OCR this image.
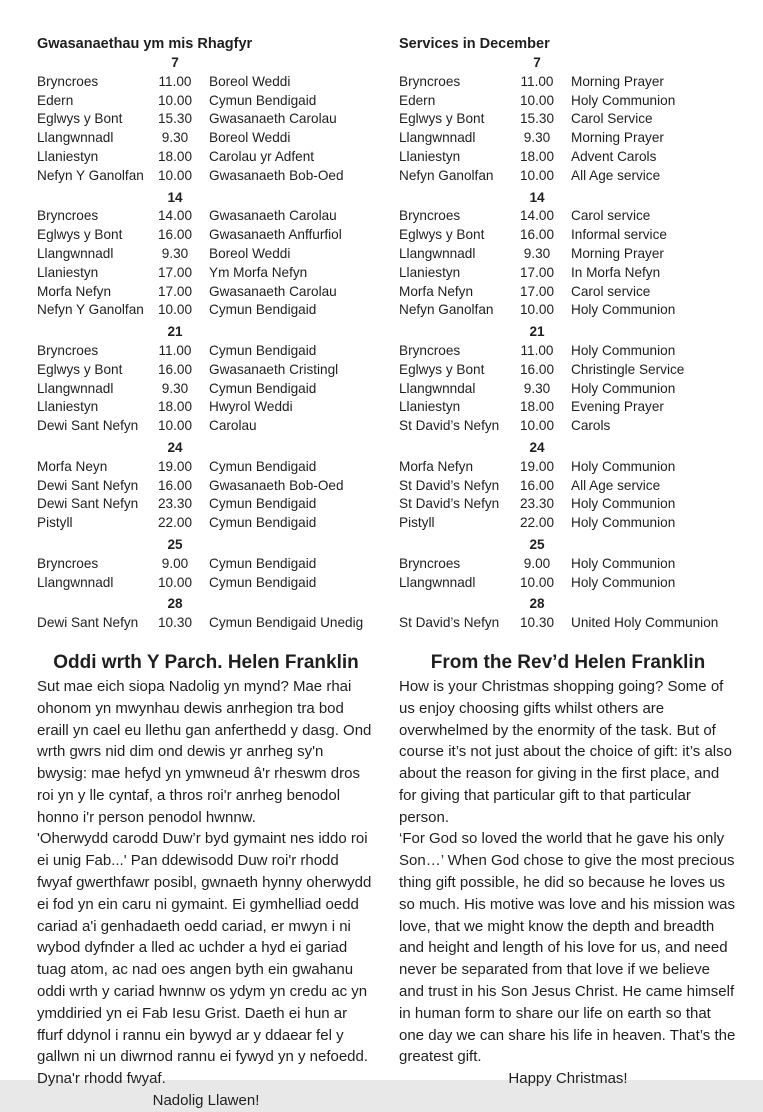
Gwasanaethau ym mis Rhagfyr
7
Bryncroes	11.00	Boreol Weddi
Edern	10.00	Cymun Bendigaid
Eglwys y Bont	15.30	Gwasanaeth Carolau
Llangwnnadl	9.30	Boreol Weddi
Llaniestyn	18.00	Carolau yr Adfent
Nefyn Y Ganolfan	10.00	Gwasanaeth Bob-Oed
14
Bryncroes	14.00	Gwasanaeth Carolau
Eglwys y Bont	16.00	Gwasanaeth Anffurfiol
Llangwnnadl	9.30	Boreol Weddi
Llaniestyn	17.00	Ym Morfa Nefyn
Morfa Nefyn	17.00	Gwasanaeth Carolau
Nefyn Y Ganolfan	10.00	Cymun Bendigaid
21
Bryncroes	11.00	Cymun Bendigaid
Eglwys y Bont	16.00	Gwasanaeth Cristingl
Llangwnnadl	9.30	Cymun Bendigaid
Llaniestyn	18.00	Hwyrol Weddi
Dewi Sant Nefyn	10.00	Carolau
24
Morfa Neyn	19.00	Cymun Bendigaid
Dewi Sant Nefyn	16.00	Gwasanaeth Bob-Oed
Dewi Sant Nefyn	23.30	Cymun Bendigaid
Pistyll	22.00	Cymun Bendigaid
25
Bryncroes	9.00	Cymun Bendigaid
Llangwnnadl	10.00	Cymun Bendigaid
28
Dewi Sant Nefyn	10.30	Cymun Bendigaid Unedig
Oddi wrth Y Parch. Helen Franklin

Sut mae eich siopa Nadolig yn mynd? Mae rhai ohonom yn mwynhau dewis anrhegion tra bod eraill yn cael eu llethu gan anferthedd y dasg. Ond wrth gwrs nid dim ond dewis yr anrheg sy'n bwysig: mae hefyd yn ymwneud â'r rheswm dros roi yn y lle cyntaf, a thros roi'r anrheg benodol honno i'r person penodol hwnnw.

'Oherwydd carodd Duw’r byd gymaint nes iddo roi ei unig Fab...' Pan ddewisodd Duw roi'r rhodd fwyaf gwerthfawr posibl, gwnaeth hynny oherwydd ei fod yn ein caru ni gymaint. Ei gymhelliad oedd cariad a'i genhadaeth oedd cariad, er mwyn i ni wybod dyfnder a lled ac uchder a hyd ei gariad tuag atom, ac nad oes angen byth ein gwahanu oddi wrth y cariad hwnnw os ydym yn credu ac yn ymddiried yn ei Fab Iesu Grist. Daeth ei hun ar ffurf ddynol i rannu ein bywyd ar y ddaear fel y gallwn ni un diwrnod rannu ei fywyd yn y nefoedd. Dyna'r rhodd fwyaf.

Nadolig Llawen!

Services in December
7
Bryncroes	11.00	Morning Prayer
Edern	10.00	Holy Communion
Eglwys y Bont	15.30	Carol Service
Llangwnnadl	9.30	Morning Prayer
Llaniestyn	18.00	Advent Carols
Nefyn Ganolfan	10.00	All Age service
14
Bryncroes	14.00	Carol service
Eglwys y Bont	16.00	Informal service
Llangwnnadl	9.30	Morning Prayer
Llaniestyn	17.00	In Morfa Nefyn
Morfa Nefyn	17.00	Carol service
Nefyn Ganolfan	10.00	Holy Communion
21
Bryncroes	11.00	Holy Communion
Eglwys y Bont	16.00	Christingle Service
Llangwnndal	9.30	Holy Communion
Llaniestyn	18.00	Evening Prayer
St David’s Nefyn	10.00	Carols
24
Morfa Nefyn	19.00	Holy Communion
St David’s Nefyn	16.00	All Age service
St David’s Nefyn	23.30	Holy Communion
Pistyll	22.00	Holy Communion
25
Bryncroes	9.00	Holy Communion
Llangwnnadl	10.00	Holy Communion
28
St David’s Nefyn	10.30	United Holy Communion
From the Rev’d Helen Franklin

How is your Christmas shopping going? Some of us enjoy choosing gifts whilst others are overwhelmed by the enormity of the task. But of course it’s not just about the choice of gift: it’s also about the reason for giving in the first place, and for giving that particular gift to that particular person.

‘For God so loved the world that he gave his only Son…’ When God chose to give the most precious thing gift possible, he did so because he loves us so much. His motive was love and his mission was love, that we might know the depth and breadth and height and length of his love for us, and need never be separated from that love if we believe and trust in his Son Jesus Christ. He came himself in human form to share our life on earth so that one day we can share his life in heaven. That’s the greatest gift.

Happy Christmas!
